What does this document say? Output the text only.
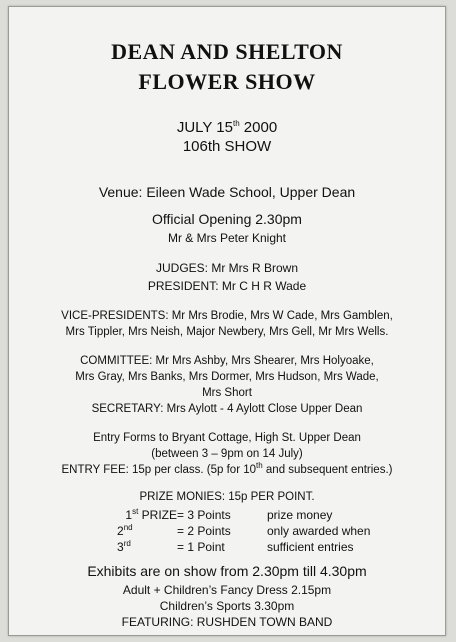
DEAN AND SHELTON
FLOWER SHOW
JULY 15th 2000
106th SHOW
Venue: Eileen Wade School, Upper Dean
Official Opening 2.30pm
Mr & Mrs Peter Knight
JUDGES: Mr Mrs R Brown
PRESIDENT: Mr C H R Wade
VICE-PRESIDENTS: Mr Mrs Brodie, Mrs W Cade, Mrs Gamblen,
Mrs Tippler, Mrs Neish, Major Newbery, Mrs Gell, Mr Mrs Wells.
COMMITTEE: Mr Mrs Ashby, Mrs Shearer, Mrs Holyoake,
Mrs Gray, Mrs Banks, Mrs Dormer, Mrs Hudson, Mrs Wade,
Mrs Short
SECRETARY: Mrs Aylott - 4 Aylott Close Upper Dean
Entry Forms to Bryant Cottage, High St. Upper Dean
(between 3 – 9pm on 14 July)
ENTRY FEE: 15p per class. (5p for 10th and subsequent entries.)
PRIZE MONIES: 15p PER POINT.
1st PRIZE = 3 Points	prize money
2nd	= 2 Points	only awarded when
3rd	= 1 Point	sufficient entries
Exhibits are on show from 2.30pm till 4.30pm
Adult + Children’s Fancy Dress 2.15pm
Children’s Sports 3.30pm
FEATURING: RUSHDEN TOWN BAND
